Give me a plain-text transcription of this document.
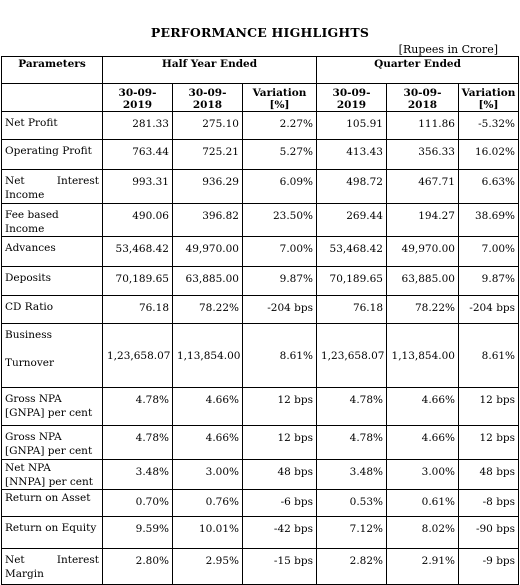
PERFORMANCE HIGHLIGHTS
[Rupees in Crore]
Parameters	Half Year Ended			Quarter Ended		
	30-09-2019	30-09-2018	Variation [%]	30-09-2019	30-09-2018	Variation [%]
Net Profit	281.33	275.10	2.27%	105.91	111.86	-5.32%
Operating Profit	763.44	725.21	5.27%	413.43	356.33	16.02%

Net Interest
Income	993.31	936.29	6.09%	498.72	467.71	6.63%
Fee based Income	490.06	396.82	23.50%	269.44	194.27	38.69%
Advances	53,468.42	49,970.00	7.00%	53,468.42	49,970.00	7.00%
Deposits	70,189.65	63,885.00	9.87%	70,189.65	63,885.00	9.87%
CD Ratio	76.18	78.22%	-204 bps	76.18	78.22%	-204 bps

Business
Turnover	1,23,658.07	1,13,854.00	8.61%	1,23,658.07	1,13,854.00	8.61%

Gross NPA
[GNPA] per cent	4.78%	4.66%	12 bps	4.78%	4.66%	12 bps

Gross NPA
[GNPA] per cent	4.78%	4.66%	12 bps	4.78%	4.66%	12 bps

Net NPA
[NNPA] per cent	3.48%	3.00%	48 bps	3.48%	3.00%	48 bps
Return on Asset	0.70%	0.76%	-6 bps	0.53%	0.61%	-8 bps
Return on Equity	9.59%	10.01%	-42 bps	7.12%	8.02%	-90 bps

Net Interest
Margin	2.80%	2.95%	-15 bps	2.82%	2.91%	-9 bps
